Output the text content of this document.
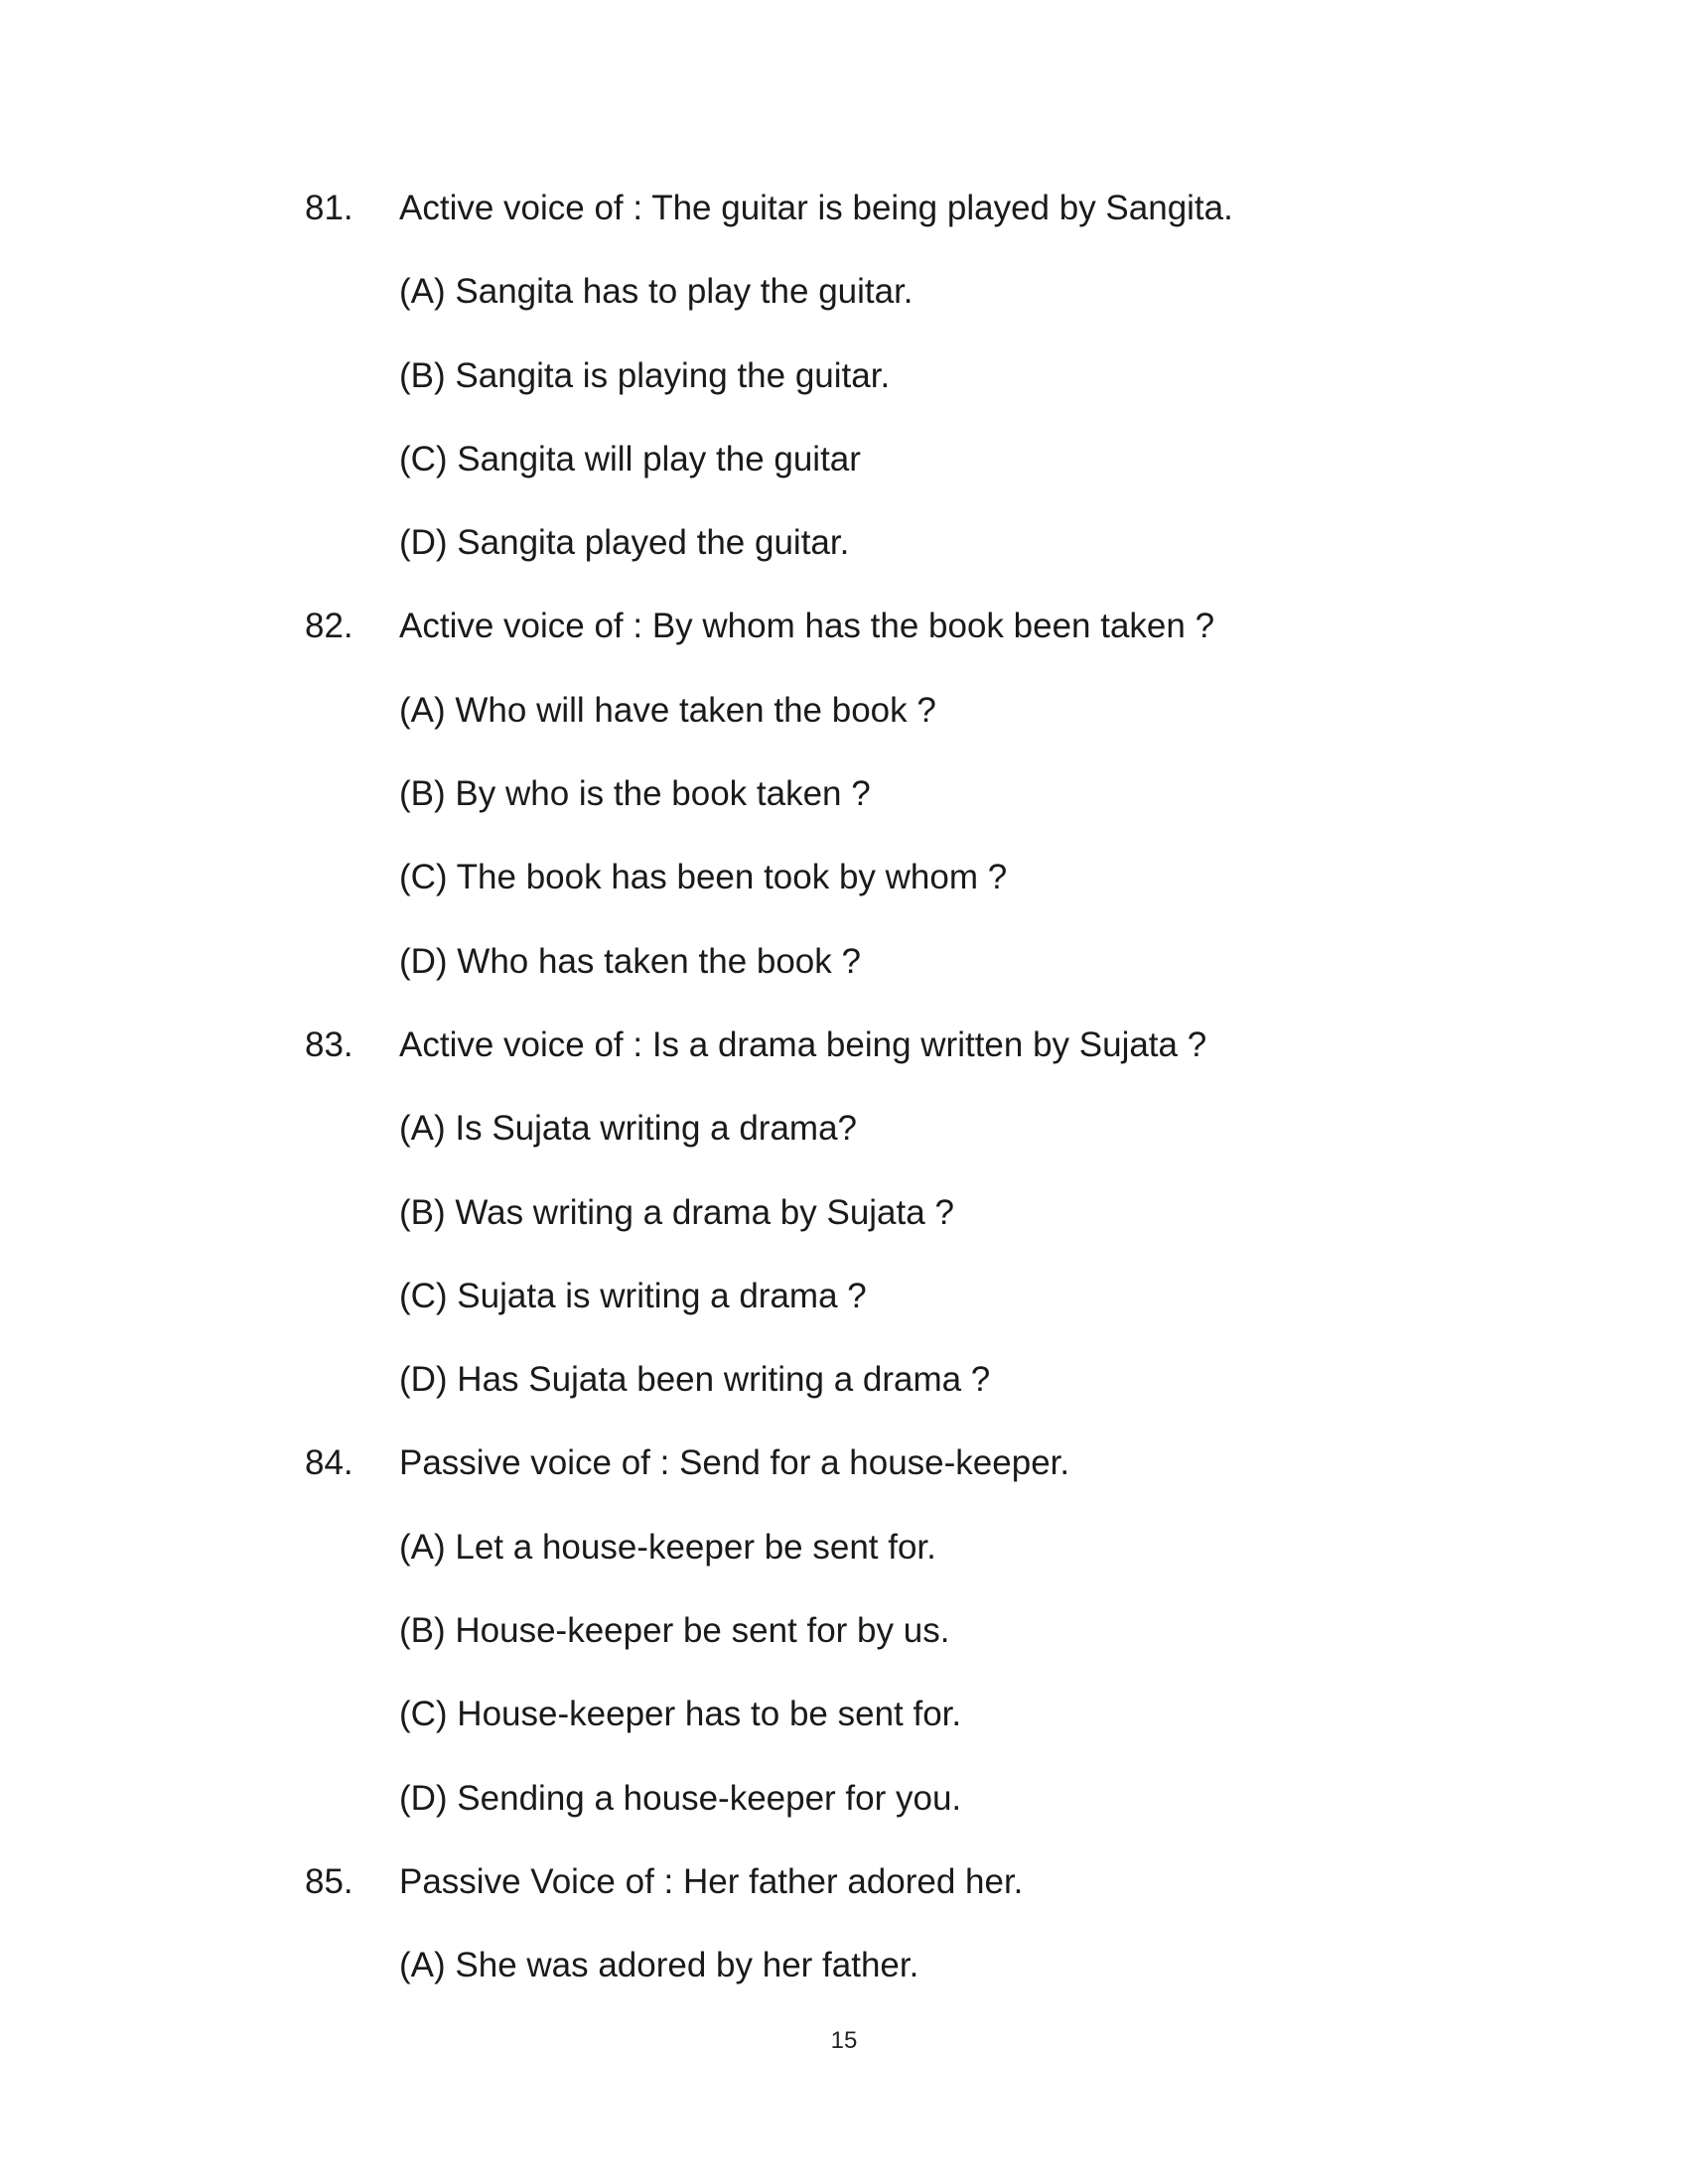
81. Active voice of : The guitar is being played by Sangita.
(A) Sangita has to play the guitar.
(B) Sangita is playing the guitar.
(C) Sangita will play the guitar
(D) Sangita played the guitar.
82. Active voice of : By whom has the book been taken ?
(A) Who will have taken the book ?
(B) By who is the book taken ?
(C) The book has been took by whom ?
(D) Who has taken the book ?
83. Active voice of : Is a drama being written by Sujata ?
(A) Is Sujata writing a drama?
(B) Was writing a drama by Sujata ?
(C) Sujata is writing a drama ?
(D) Has Sujata been writing a drama ?
84. Passive voice of : Send for a house-keeper.
(A) Let a house-keeper be sent for.
(B) House-keeper be sent for by us.
(C) House-keeper has to be sent for.
(D) Sending a house-keeper for you.
85. Passive Voice of : Her father adored her.
(A) She was adored by her father.
15
